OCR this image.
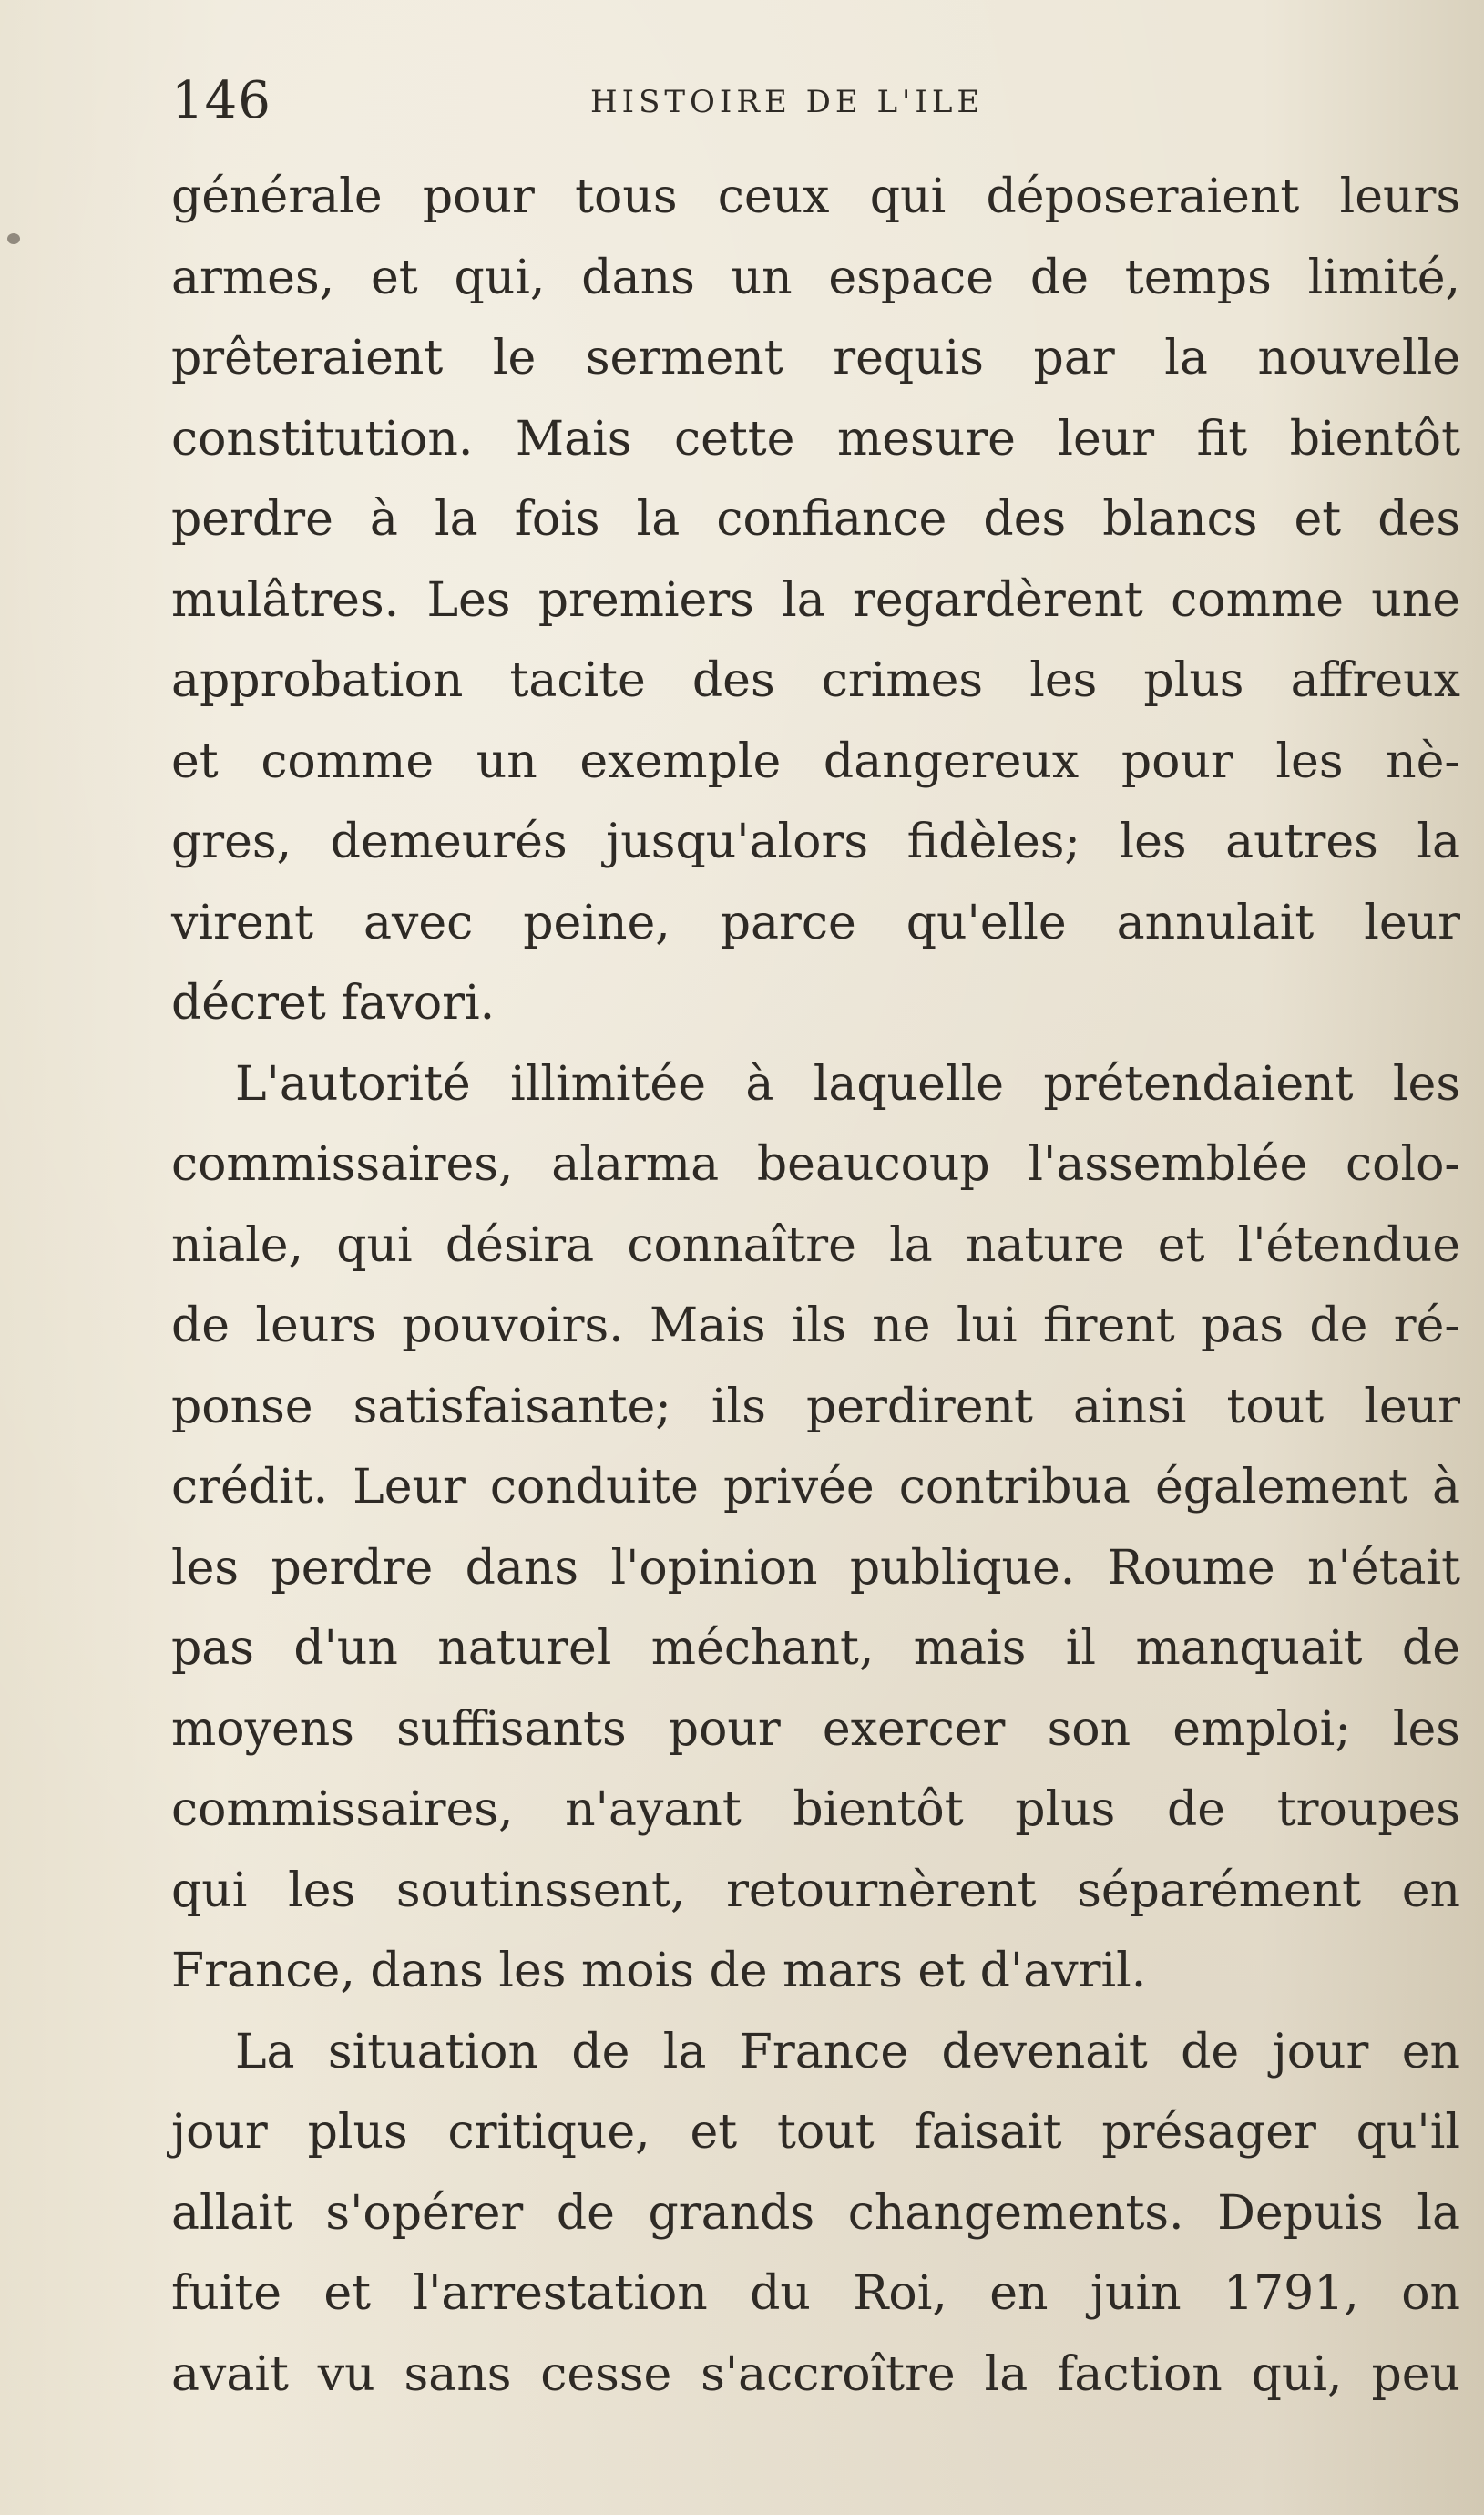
146	HISTOIRE DE L'ILE
générale pour tous ceux qui déposeraient leurs
armes, et qui, dans un espace de temps limité,
prêteraient le serment requis par la nouvelle
constitution. Mais cette mesure leur fit bientôt
perdre à la fois la confiance des blancs et des
mulâtres. Les premiers la regardèrent comme une
approbation tacite des crimes les plus affreux
et comme un exemple dangereux pour les nè-
gres, demeurés jusqu'alors fidèles; les autres la
virent avec peine, parce qu'elle annulait leur
décret favori.
L'autorité illimitée à laquelle prétendaient les
commissaires, alarma beaucoup l'assemblée colo-
niale, qui désira connaître la nature et l'étendue
de leurs pouvoirs. Mais ils ne lui firent pas de ré-
ponse satisfaisante; ils perdirent ainsi tout leur
crédit. Leur conduite privée contribua également à
les perdre dans l'opinion publique. Roume n'était
pas d'un naturel méchant, mais il manquait de
moyens suffisants pour exercer son emploi; les
commissaires, n'ayant bientôt plus de troupes
qui les soutinssent, retournèrent séparément en
France, dans les mois de mars et d'avril.
La situation de la France devenait de jour en
jour plus critique, et tout faisait présager qu'il
allait s'opérer de grands changements. Depuis la
fuite et l'arrestation du Roi, en juin 1791, on
avait vu sans cesse s'accroître la faction qui, peu
